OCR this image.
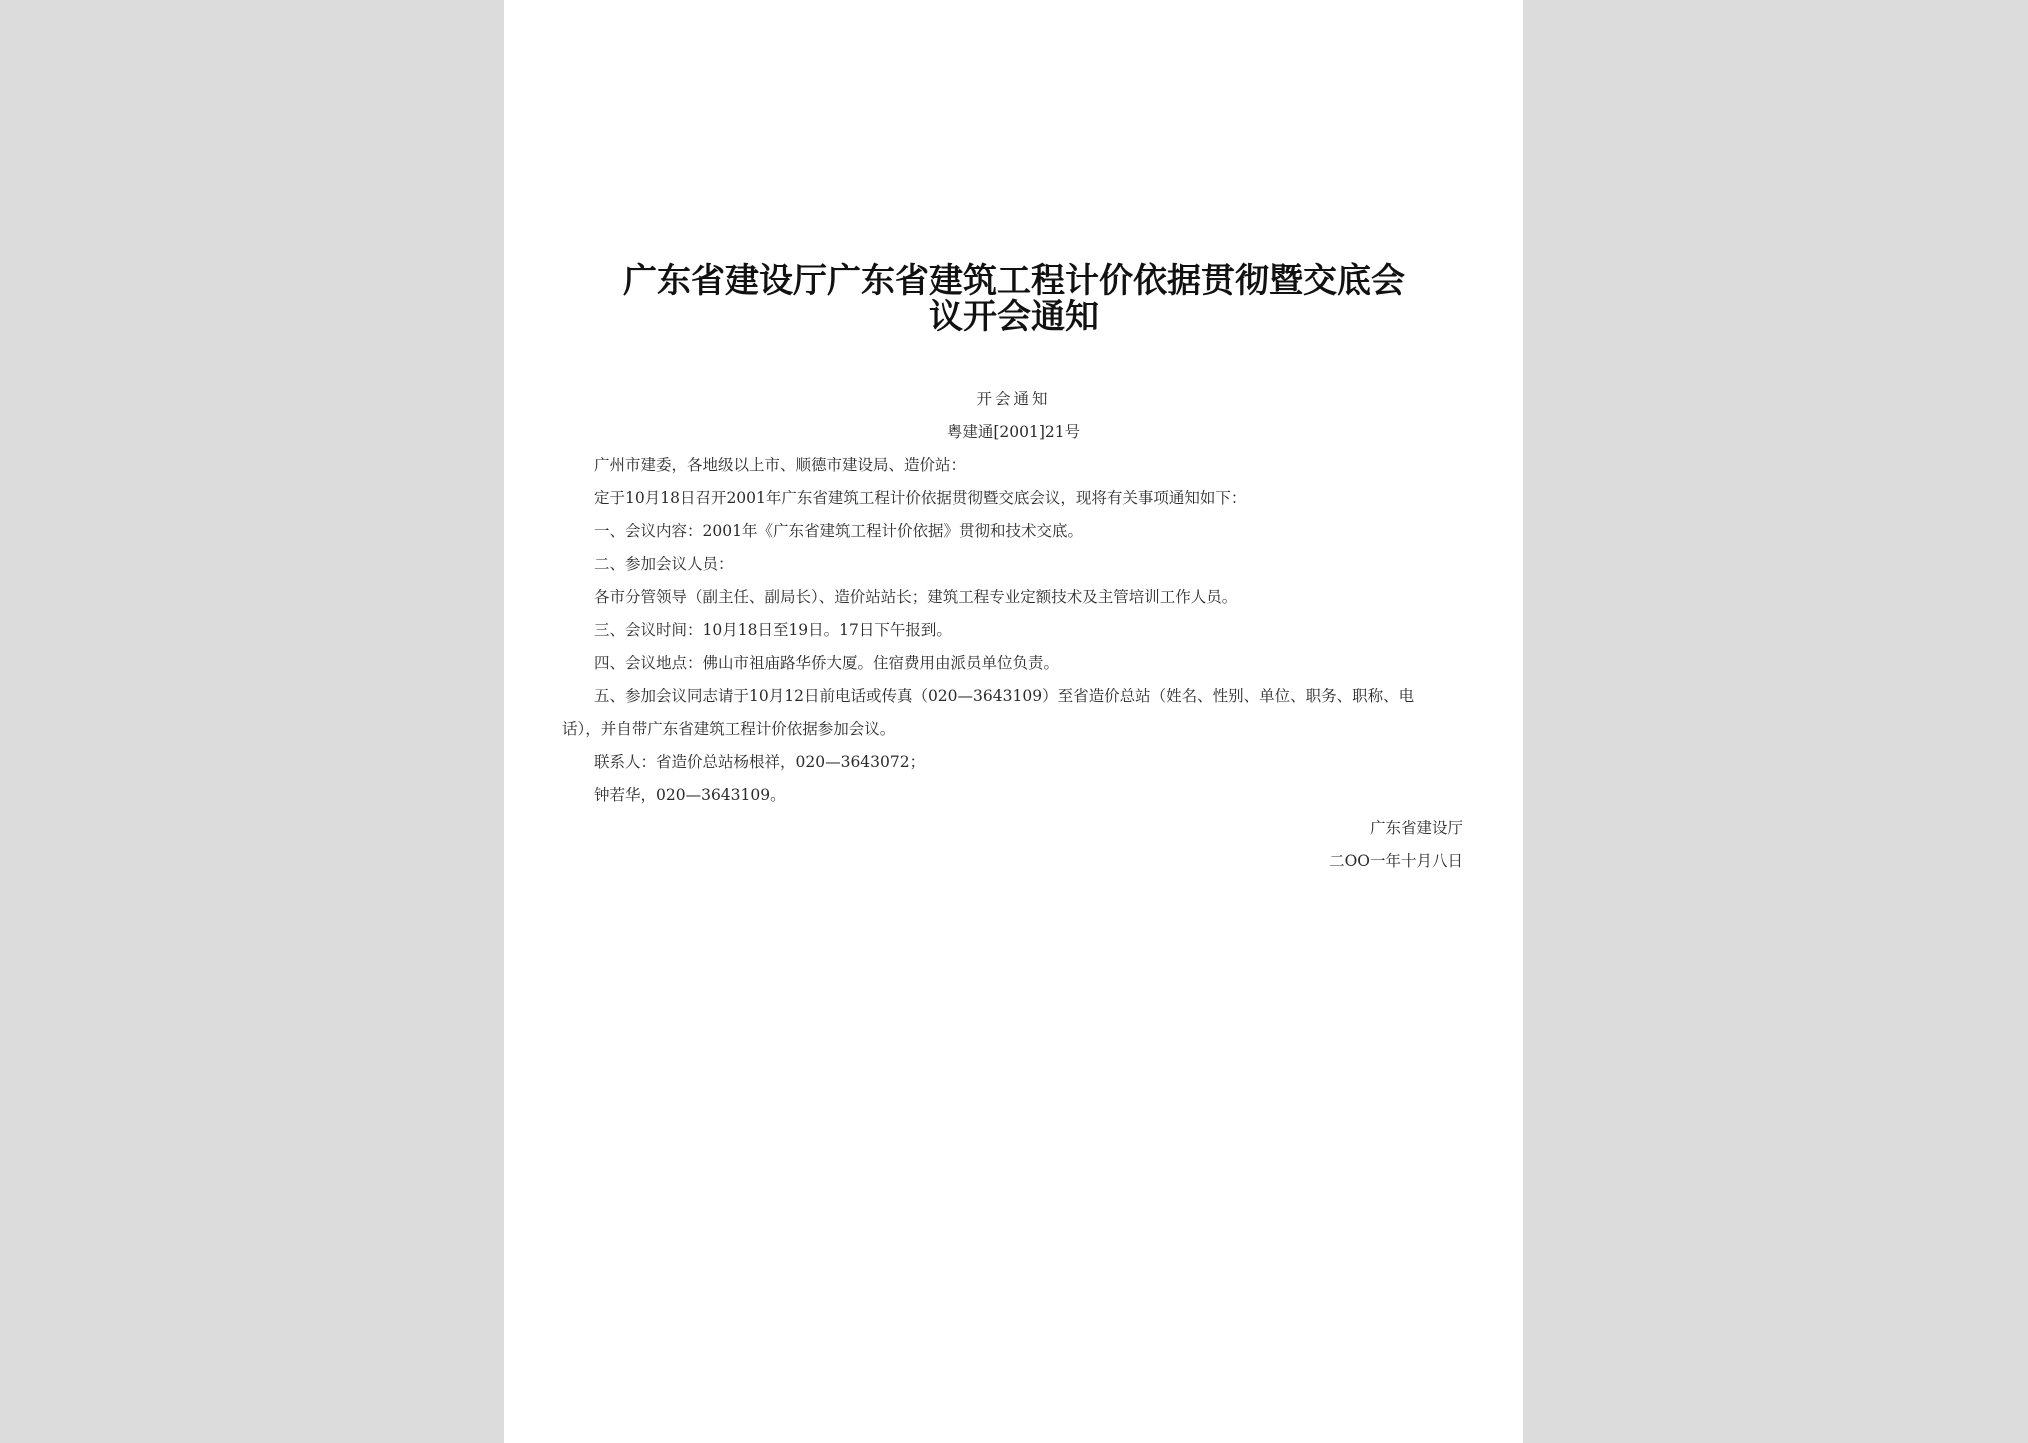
广东省建设厅广东省建筑工程计价依据贯彻暨交底会
议开会通知
开会通知
粤建通[2001]21号
广州市建委，各地级以上市、顺德市建设局、造价站：
定于10月18日召开2001年广东省建筑工程计价依据贯彻暨交底会议，现将有关事项通知如下：
一、会议内容：2001年《广东省建筑工程计价依据》贯彻和技术交底。
二、参加会议人员：
各市分管领导（副主任、副局长）、造价站站长；建筑工程专业定额技术及主管培训工作人员。
三、会议时间：10月18日至19日。17日下午报到。
四、会议地点：佛山市祖庙路华侨大厦。住宿费用由派员单位负责。
五、参加会议同志请于10月12日前电话或传真（020—3643109）至省造价总站（姓名、性别、单位、职务、职称、电
话），并自带广东省建筑工程计价依据参加会议。
联系人：省造价总站杨根祥，020—3643072；
钟若华，020—3643109。
广东省建设厅
二OO一年十月八日
